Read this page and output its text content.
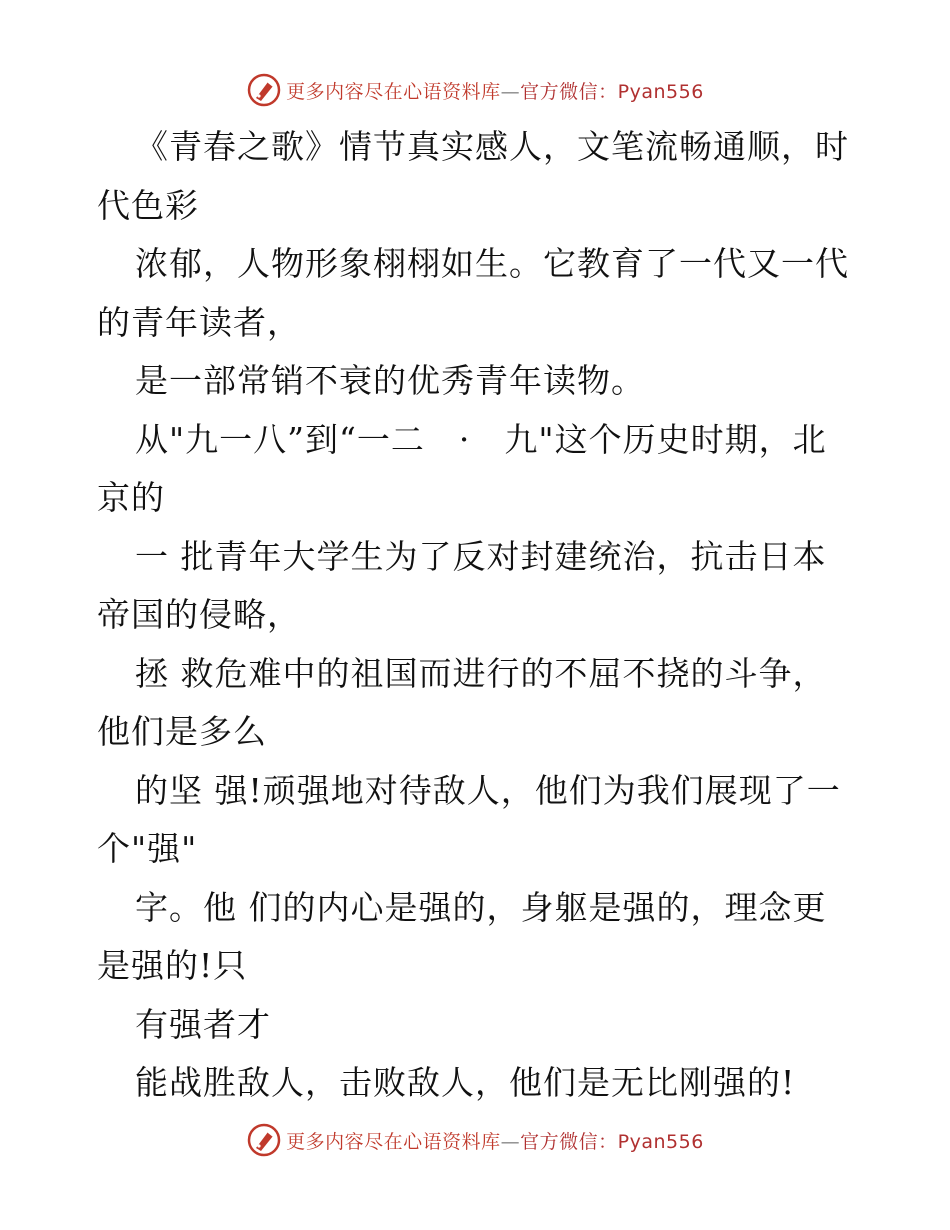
更多内容尽在心语资料库—官方微信：Pyan556
《青春之歌》情节真实感人，文笔流畅通顺，时
代色彩
浓郁，人物形象栩栩如生。它教育了一代又一代
的青年读者，
是一部常销不衰的优秀青年读物。
从"九一八”到“一二　·　九"这个历史时期，北
京的
一 批青年大学生为了反对封建统治，抗击日本
帝国的侵略，
拯 救危难中的祖国而进行的不屈不挠的斗争，
他们是多么
的坚 强!顽强地对待敌人，他们为我们展现了一
个"强"
字。他 们的内心是强的，身躯是强的，理念更
是强的!只
有强者才
能战胜敌人，击败敌人，他们是无比刚强的!
更多内容尽在心语资料库—官方微信：Pyan556
